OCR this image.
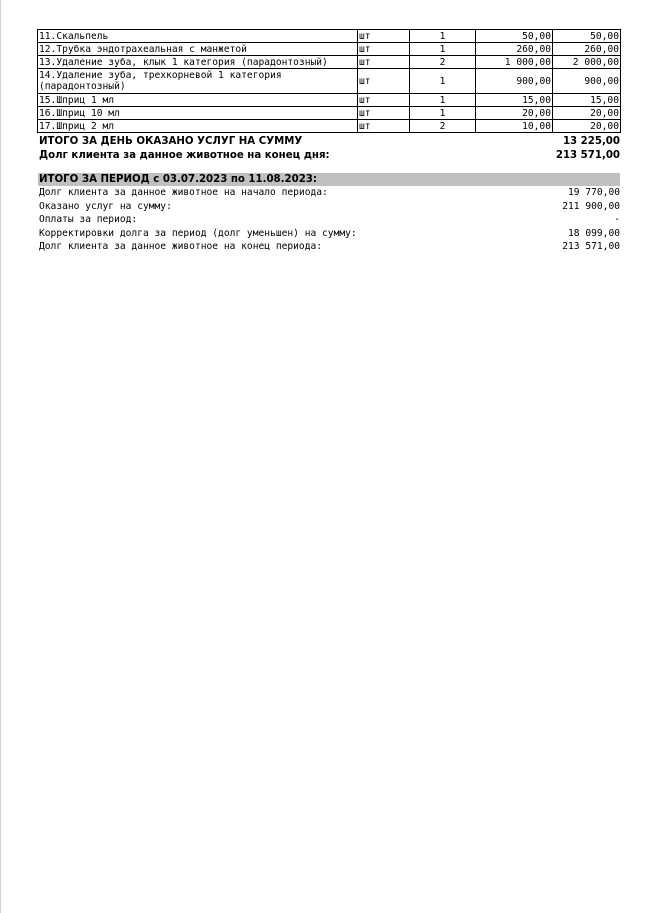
11.Скальпель	шт	1	50,00	50,00
12.Трубка эндотрахеальная с манжетой	шт	1	260,00	260,00
13.Удаление зуба, клык 1 категория (парадонтозный)	шт	2	1 000,00	2 000,00
14.Удаление зуба, трехкорневой 1 категория (парадонтозный)	шт	1	900,00	900,00
15.Шприц 1 мл	шт	1	15,00	15,00
16.Шприц 10 мл	шт	1	20,00	20,00
17.Шприц 2 мл	шт	2	10,00	20,00
ИТОГО ЗА ДЕНЬ ОКАЗАНО УСЛУГ НА СУММУ	13 225,00
Долг клиента за данное животное на конец дня:	213 571,00
ИТОГО ЗА ПЕРИОД с 03.07.2023 по 11.08.2023:
Долг клиента за данное животное на начало периода:	19 770,00
Оказано услуг на сумму:	211 900,00
Оплаты за период:	-
Корректировки долга за период (долг уменьшен) на сумму:	18 099,00
Долг клиента за данное животное на конец периода:	213 571,00
